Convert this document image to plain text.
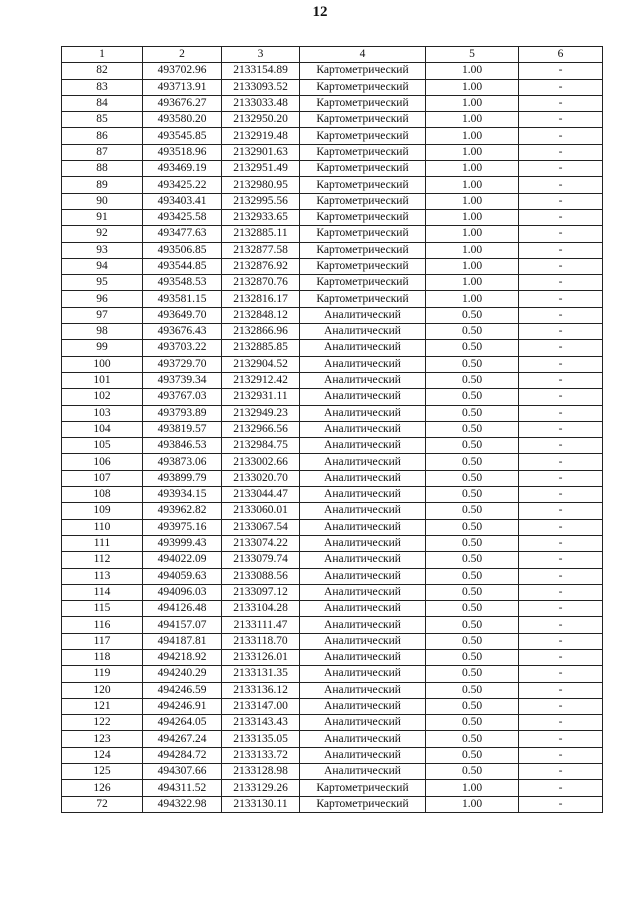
12
1	2	3	4	5	6
82	493702.96	2133154.89	Картометрический	1.00	-
83	493713.91	2133093.52	Картометрический	1.00	-
84	493676.27	2133033.48	Картометрический	1.00	-
85	493580.20	2132950.20	Картометрический	1.00	-
86	493545.85	2132919.48	Картометрический	1.00	-
87	493518.96	2132901.63	Картометрический	1.00	-
88	493469.19	2132951.49	Картометрический	1.00	-
89	493425.22	2132980.95	Картометрический	1.00	-
90	493403.41	2132995.56	Картометрический	1.00	-
91	493425.58	2132933.65	Картометрический	1.00	-
92	493477.63	2132885.11	Картометрический	1.00	-
93	493506.85	2132877.58	Картометрический	1.00	-
94	493544.85	2132876.92	Картометрический	1.00	-
95	493548.53	2132870.76	Картометрический	1.00	-
96	493581.15	2132816.17	Картометрический	1.00	-
97	493649.70	2132848.12	Аналитический	0.50	-
98	493676.43	2132866.96	Аналитический	0.50	-
99	493703.22	2132885.85	Аналитический	0.50	-
100	493729.70	2132904.52	Аналитический	0.50	-
101	493739.34	2132912.42	Аналитический	0.50	-
102	493767.03	2132931.11	Аналитический	0.50	-
103	493793.89	2132949.23	Аналитический	0.50	-
104	493819.57	2132966.56	Аналитический	0.50	-
105	493846.53	2132984.75	Аналитический	0.50	-
106	493873.06	2133002.66	Аналитический	0.50	-
107	493899.79	2133020.70	Аналитический	0.50	-
108	493934.15	2133044.47	Аналитический	0.50	-
109	493962.82	2133060.01	Аналитический	0.50	-
110	493975.16	2133067.54	Аналитический	0.50	-
111	493999.43	2133074.22	Аналитический	0.50	-
112	494022.09	2133079.74	Аналитический	0.50	-
113	494059.63	2133088.56	Аналитический	0.50	-
114	494096.03	2133097.12	Аналитический	0.50	-
115	494126.48	2133104.28	Аналитический	0.50	-
116	494157.07	2133111.47	Аналитический	0.50	-
117	494187.81	2133118.70	Аналитический	0.50	-
118	494218.92	2133126.01	Аналитический	0.50	-
119	494240.29	2133131.35	Аналитический	0.50	-
120	494246.59	2133136.12	Аналитический	0.50	-
121	494246.91	2133147.00	Аналитический	0.50	-
122	494264.05	2133143.43	Аналитический	0.50	-
123	494267.24	2133135.05	Аналитический	0.50	-
124	494284.72	2133133.72	Аналитический	0.50	-
125	494307.66	2133128.98	Аналитический	0.50	-
126	494311.52	2133129.26	Картометрический	1.00	-
72	494322.98	2133130.11	Картометрический	1.00	-
